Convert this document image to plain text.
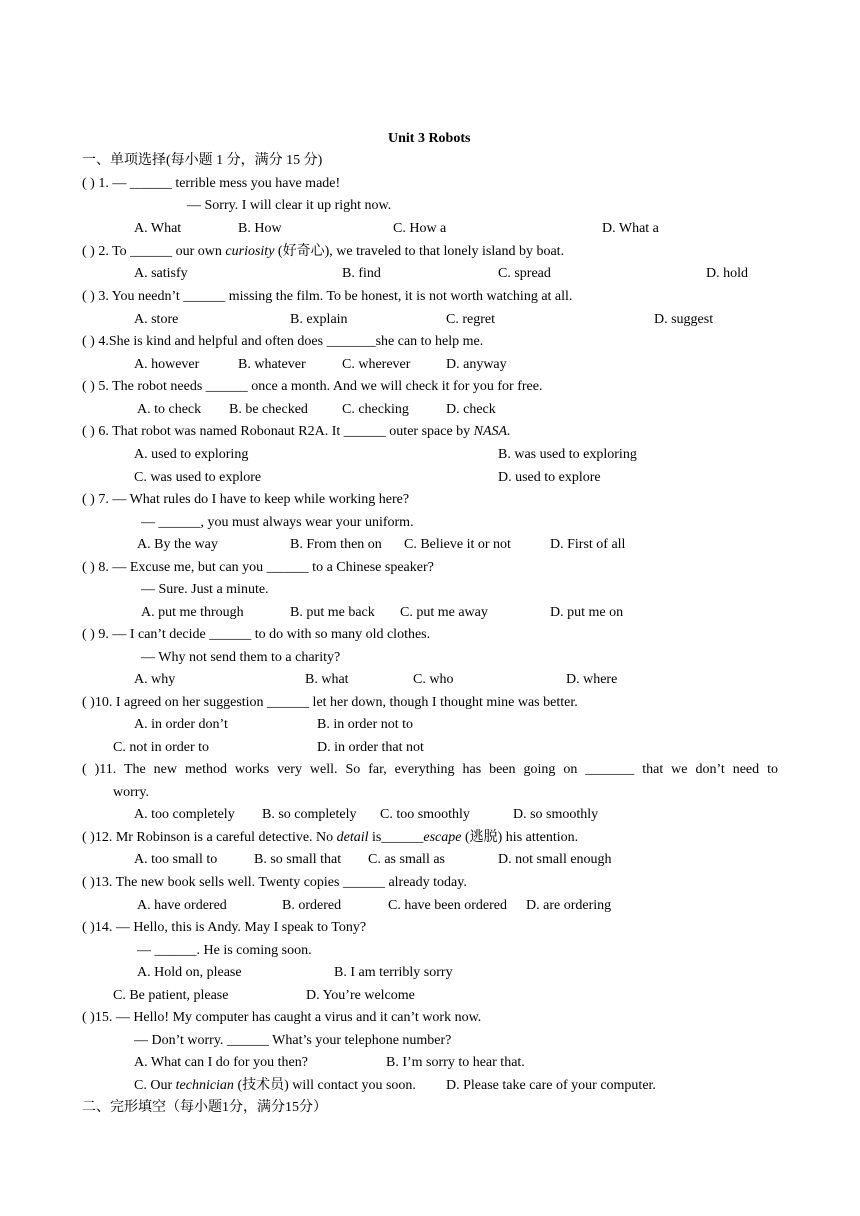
Unit 3 Robots
一、单项选择(每小题 1 分，满分 15 分)
( ) 1. — ______ terrible mess you have made!
— Sorry. I will clear it up right now.
A. What	B. How	C. How a	D. What a
( ) 2. To ______ our own curiosity (好奇心), we traveled to that lonely island by boat.
A. satisfy	B. find	C. spread	D. hold
( ) 3. You needn’t ______ missing the film. To be honest, it is not worth watching at all.
A. store	B. explain	C. regret	D. suggest
( ) 4.She is kind and helpful and often does _______she can to help me.
A. however	B. whatever	C. wherever	D. anyway
( ) 5. The robot needs ______ once a month. And we will check it for you for free.
A. to check B. be checked C. checking	D. check
( ) 6. That robot was named Robonaut R2A. It ______ outer space by NASA.
A. used to exploring	B. was used to exploring
C. was used to explore	D. used to explore
( ) 7. — What rules do I have to keep while working here?
— ______, you must always wear your uniform.
A. By the way	B. From then on C. Believe it or not	D. First of all
( ) 8. — Excuse me, but can you ______ to a Chinese speaker?
— Sure. Just a minute.
A. put me through	B. put me back C. put me away	D. put me on
( ) 9. — I can’t decide ______ to do with so many old clothes.
— Why not send them to a charity?
A. why	B. what	C. who	D. where
( )10. I agreed on her suggestion ______ let her down, though I thought mine was better.
A. in order don’t	B. in order not to
C. not in order to	D. in order that not
( )11. The new method works very well. So far, everything has been going on _______ that we don’t need to
worry.
A. too completely B. so completely C. too smoothly	D. so smoothly
( )12. Mr Robinson is a careful detective. No detail is______escape (逃脱) his attention.
A. too small to	B. so small that C. as small as	D. not small enough
( )13. The new book sells well. Twenty copies ______ already today.
A. have ordered	B. ordered	C. have been ordered D. are ordering
( )14. — Hello, this is Andy. May I speak to Tony?
— ______. He is coming soon.
A. Hold on, please	B. I am terribly sorry
C. Be patient, please	D. You’re welcome
( )15. — Hello! My computer has caught a virus and it can’t work now.
— Don’t worry. ______ What’s your telephone number?
A. What can I do for you then?	B. I’m sorry to hear that.
C. Our technician (技术员) will contact you soon. D. Please take care of your computer.
二、完形填空（每小题1分，满分15分）
